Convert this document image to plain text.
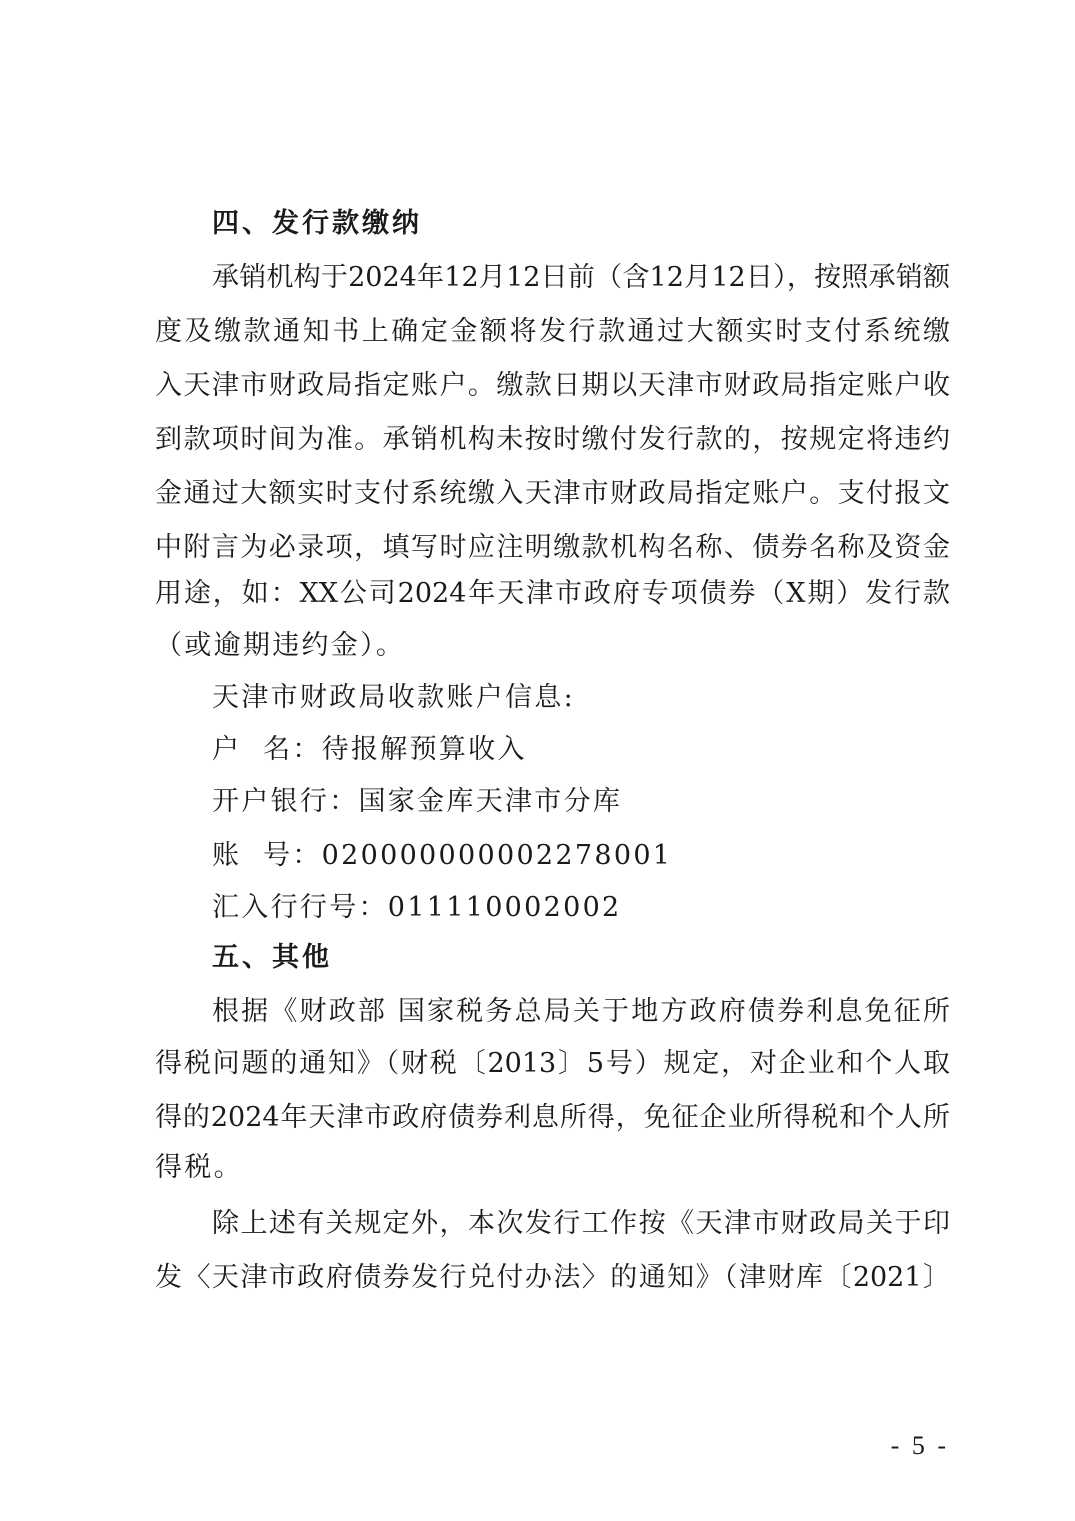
四、发行款缴纳
承销机构于2024年12月12日前（含12月12日），按照承销额
度及缴款通知书上确定金额将发行款通过大额实时支付系统缴
入天津市财政局指定账户。缴款日期以天津市财政局指定账户收
到款项时间为准。承销机构未按时缴付发行款的，按规定将违约
金通过大额实时支付系统缴入天津市财政局指定账户。支付报文
中附言为必录项，填写时应注明缴款机构名称、债券名称及资金
用途，如：XX公司2024年天津市政府专项债券（X期）发行款
（或逾期违约金）。
天津市财政局收款账户信息:
户  名：待报解预算收入
开户银行：国家金库天津市分库
账  号：020000000002278001
汇入行行号：011110002002
五、其他
根据《财政部 国家税务总局关于地方政府债券利息免征所
得税问题的通知》（财税〔2013〕5号）规定，对企业和个人取
得的2024年天津市政府债券利息所得，免征企业所得税和个人所
得税。
除上述有关规定外，本次发行工作按《天津市财政局关于印
发〈天津市政府债券发行兑付办法〉的通知》（津财库〔2021〕
- 5 -
